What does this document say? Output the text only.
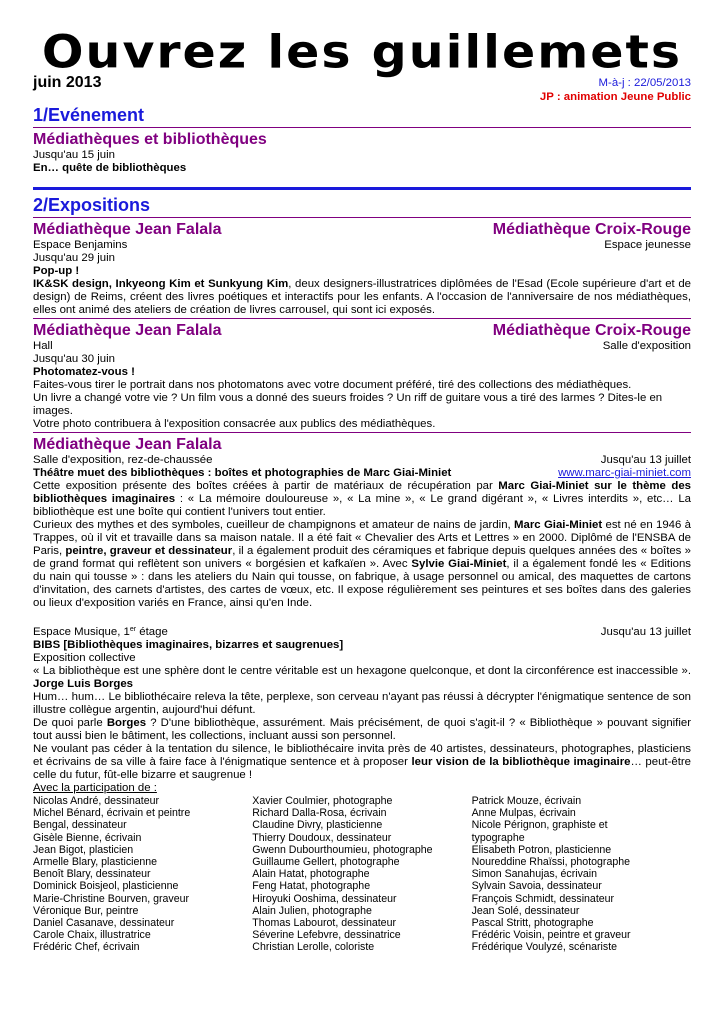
Ouvrez les guillemets
juin 2013	M-à-j : 22/05/2013
JP : animation Jeune Public
1/Evénement
Médiathèques et bibliothèques
Jusqu'au 15 juin
En… quête de bibliothèques
2/Expositions
Médiathèque Jean Falala	Médiathèque Croix-Rouge
Espace Benjamins	Espace jeunesse
Jusqu'au 29 juin
Pop-up !
IK&SK design, Inkyeong Kim et Sunkyung Kim, deux designers-illustratrices diplômées de l'Esad (Ecole supérieure d'art et de design) de Reims, créent des livres poétiques et interactifs pour les enfants. A l'occasion de l'anniversaire de nos médiathèques, elles ont animé des ateliers de création de livres carrousel, qui sont ici exposés.
Médiathèque Jean Falala	Médiathèque Croix-Rouge
Hall	Salle d'exposition
Jusqu'au 30 juin
Photomatez-vous !
Faites-vous tirer le portrait dans nos photomatons avec votre document préféré, tiré des collections des médiathèques.
Un livre a changé votre vie ? Un film vous a donné des sueurs froides ? Un riff de guitare vous a tiré des larmes ? Dites-le en images.
Votre photo contribuera à l'exposition consacrée aux publics des médiathèques.
Médiathèque Jean Falala
Salle d'exposition, rez-de-chaussée	Jusqu'au 13 juillet
Théâtre muet des bibliothèques : boîtes et photographies de Marc Giai-Miniet	www.marc-giai-miniet.com
Cette exposition présente des boîtes créées à partir de matériaux de récupération par Marc Giai-Miniet sur le thème des bibliothèques imaginaires : « La mémoire douloureuse », « La mine », « Le grand digérant », « Livres interdits », etc… La bibliothèque est une boîte qui contient l'univers tout entier.
Curieux des mythes et des symboles, cueilleur de champignons et amateur de nains de jardin, Marc Giai-Miniet est né en 1946 à Trappes, où il vit et travaille dans sa maison natale. Il a été fait « Chevalier des Arts et Lettres » en 2000. Diplômé de l'ENSBA de Paris, peintre, graveur et dessinateur, il a également produit des céramiques et fabrique depuis quelques années des « boîtes » de grand format qui reflètent son univers « borgésien et kafkaïen ». Avec Sylvie Giai-Miniet, il a également fondé les « Editions du nain qui tousse » : dans les ateliers du Nain qui tousse, on fabrique, à usage personnel ou amical, des maquettes de cartons d'invitation, des carnets d'artistes, des cartes de vœux, etc. Il expose régulièrement ses peintures et ses boîtes dans des galeries ou lieux d'exposition variés en France, ainsi qu'en Inde.
Espace Musique, 1er étage	Jusqu'au 13 juillet
BIBS [Bibliothèques imaginaires, bizarres et saugrenues]
Exposition collective
« La bibliothèque est une sphère dont le centre véritable est un hexagone quelconque, et dont la circonférence est inaccessible ». Jorge Luis Borges
Hum… hum… Le bibliothécaire releva la tête, perplexe, son cerveau n'ayant pas réussi à décrypter l'énigmatique sentence de son illustre collègue argentin, aujourd'hui défunt.
De quoi parle Borges ? D'une bibliothèque, assurément. Mais précisément, de quoi s'agit-il ? « Bibliothèque » pouvant signifier tout aussi bien le bâtiment, les collections, incluant aussi son personnel.
Ne voulant pas céder à la tentation du silence, le bibliothécaire invita près de 40 artistes, dessinateurs, photographes, plasticiens et écrivains de sa ville à faire face à l'énigmatique sentence et à proposer leur vision de la bibliothèque imaginaire… peut-être celle du futur, fût-elle bizarre et saugrenue !
Avec la participation de :
Nicolas André, dessinateur
Michel Bénard, écrivain et peintre
Bengal, dessinateur
Gisèle Bienne, écrivain
Jean Bigot, plasticien
Armelle Blary, plasticienne
Benoît Blary, dessinateur
Dominick Boisjeol, plasticienne
Marie-Christine Bourven, graveur
Véronique Bur, peintre
Daniel Casanave, dessinateur
Carole Chaix, illustratrice
Frédéric Chef, écrivain
Xavier Coulmier, photographe
Richard Dalla-Rosa, écrivain
Claudine Divry, plasticienne
Thierry Doudoux, dessinateur
Gwenn Dubourthoumieu, photographe
Guillaume Gellert, photographe
Alain Hatat, photographe
Feng Hatat, photographe
Hiroyuki Ooshima, dessinateur
Alain Julien, photographe
Thomas Labourot, dessinateur
Séverine Lefebvre, dessinatrice
Christian Lerolle, coloriste
Patrick Mouze, écrivain
Anne Mulpas, écrivain
Nicole Pérignon, graphiste et
typographe
Elisabeth Potron, plasticienne
Noureddine Rhaïssi, photographe
Simon Sanahujas, écrivain
Sylvain Savoia, dessinateur
François Schmidt, dessinateur
Jean Solé, dessinateur
Pascal Stritt, photographe
Frédéric Voisin, peintre et graveur
Frédérique Voulyzé, scénariste
